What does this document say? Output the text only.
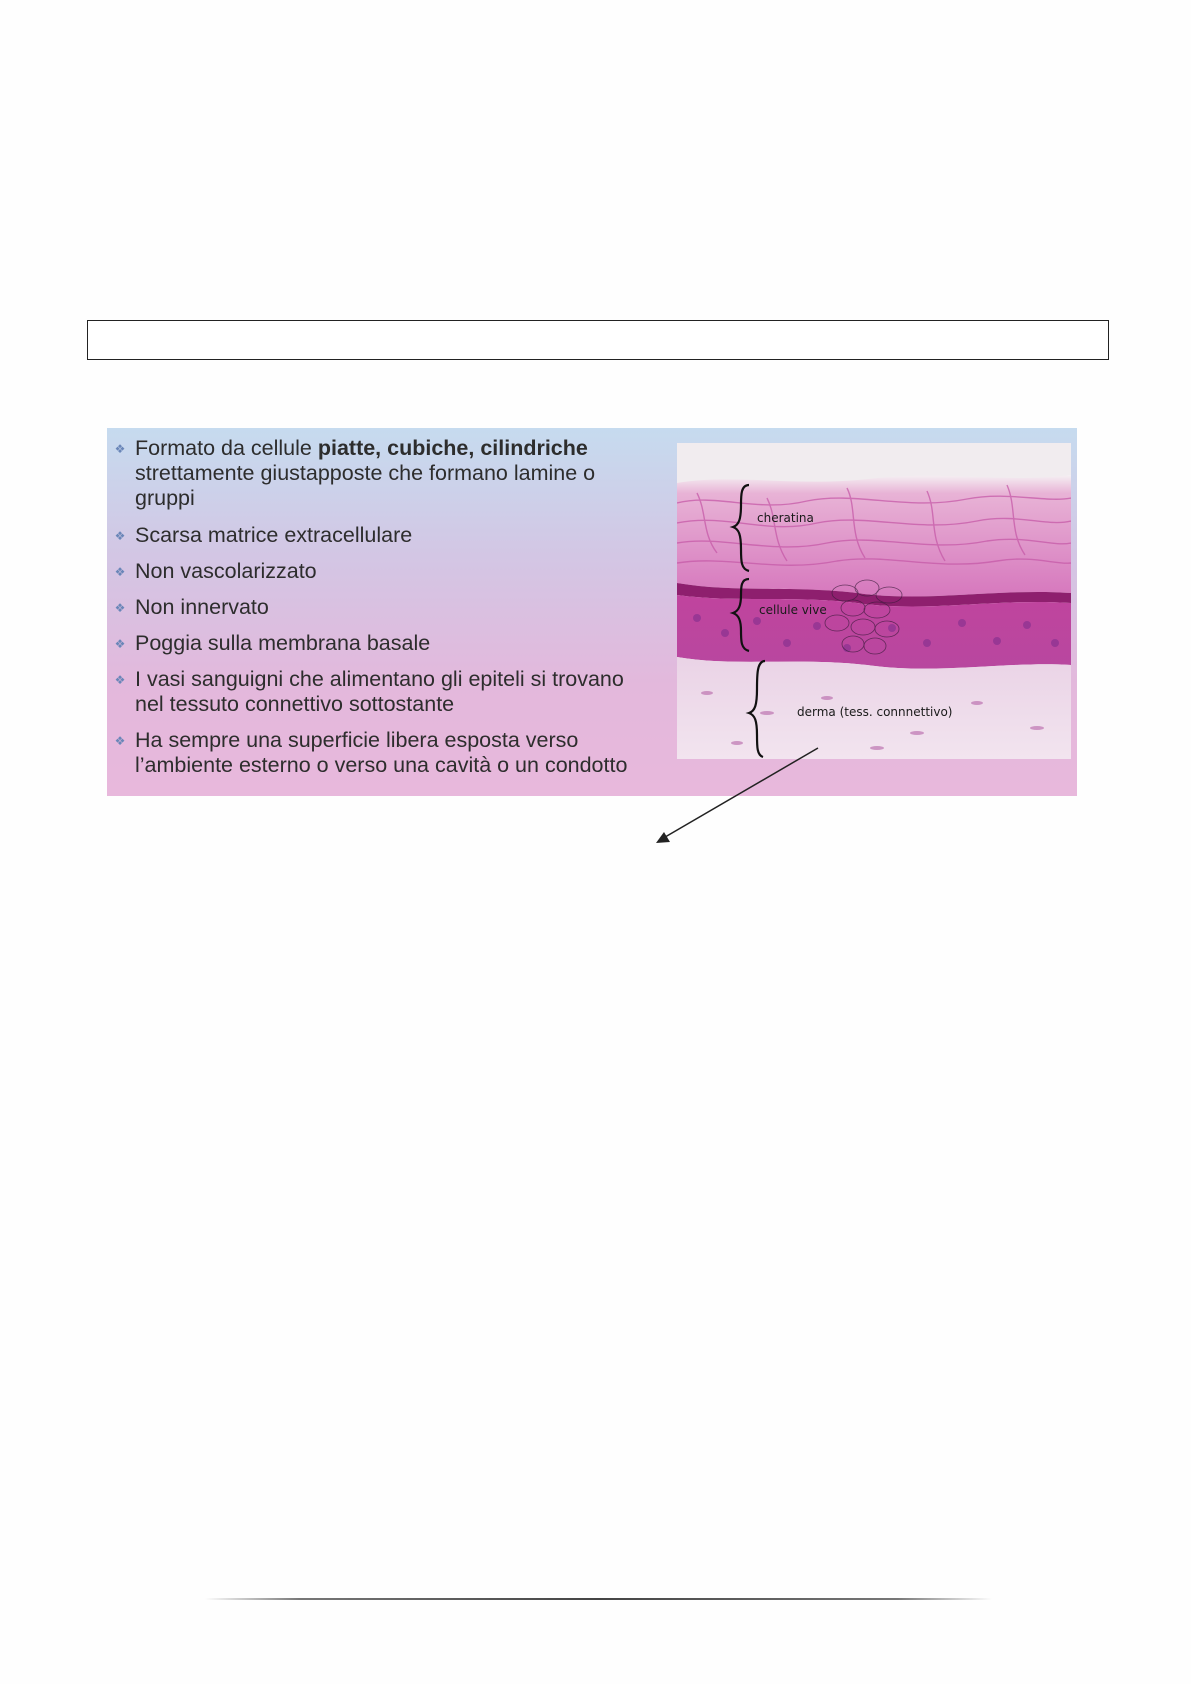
❖ Formato da cellule piatte, cubiche, cilindriche
strettamente giustapposte che formano lamine o
gruppi
❖ Scarsa matrice extracellulare
❖ Non vascolarizzato
❖ Non innervato
❖ Poggia sulla membrana basale
❖ I vasi sanguigni che alimentano gli epiteli si trovano
nel tessuto connettivo sottostante
❖ Ha sempre una superficie libera esposta verso
l’ambiente esterno o verso una cavità o un condotto
cheratina
cellule vive
derma (tess. connnettivo)
